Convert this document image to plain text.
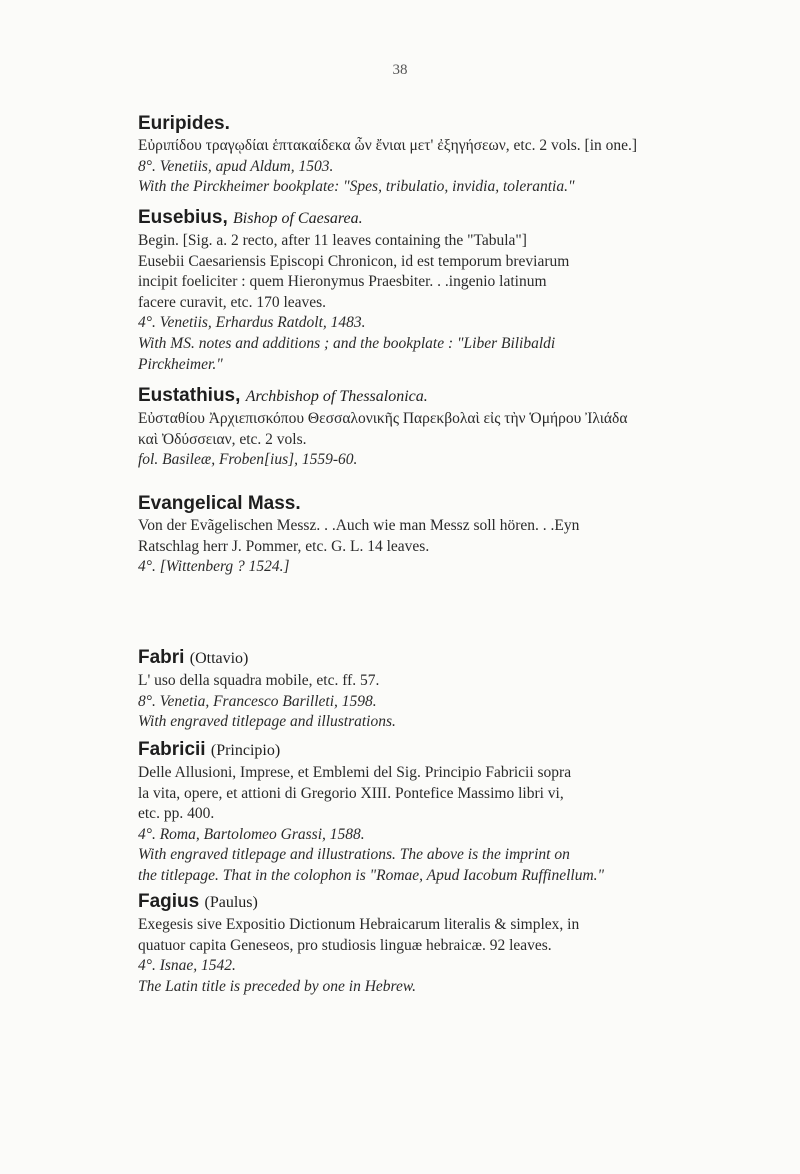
38
Euripides.
Εὐριπίδου τραγῳδίαι ἑπτακαίδεκα ὧν ἔνιαι μετ' ἐξηγήσεων, etc. 2 vols. [in one.]
8°. Venetiis, apud Aldum, 1503.
With the Pirckheimer bookplate: "Spes, tribulatio, invidia, tolerantia."
Eusebius, Bishop of Caesarea.
Begin. [Sig. a. 2 recto, after 11 leaves containing the "Tabula"]
Eusebii Caesariensis Episcopi Chronicon, id est temporum breviarum
incipit foeliciter : quem Hieronymus Praesbiter. . .ingenio latinum
facere curavit, etc. 170 leaves.
4°. Venetiis, Erhardus Ratdolt, 1483.
With MS. notes and additions ; and the bookplate : "Liber Bilibaldi
Pirckheimer."
Eustathius, Archbishop of Thessalonica.
Εὐσταθίου Ἀρχιεπισκόπου Θεσσαλονικῆς Παρεκβολαὶ εἰς τὴν Ὁμήρου Ἰλιάδα
καὶ Ὀδύσσειαν, etc. 2 vols.
fol. Basileæ, Froben[ius], 1559-60.
Evangelical Mass.
Von der Evãgelischen Messz. . .Auch wie man Messz soll hören. . .Eyn
Ratschlag herr J. Pommer, etc. G. L. 14 leaves.
4°. [Wittenberg ? 1524.]
Fabri (Ottavio)
L' uso della squadra mobile, etc. ff. 57.
8°. Venetia, Francesco Barilleti, 1598.
With engraved titlepage and illustrations.
Fabricii (Principio)
Delle Allusioni, Imprese, et Emblemi del Sig. Principio Fabricii sopra
la vita, opere, et attioni di Gregorio XIII. Pontefice Massimo libri vi,
etc. pp. 400.
4°. Roma, Bartolomeo Grassi, 1588.
With engraved titlepage and illustrations. The above is the imprint on
the titlepage. That in the colophon is "Romae, Apud Iacobum Ruffinellum."
Fagius (Paulus)
Exegesis sive Expositio Dictionum Hebraicarum literalis & simplex, in
quatuor capita Geneseos, pro studiosis linguæ hebraicæ. 92 leaves.
4°. Isnae, 1542.
The Latin title is preceded by one in Hebrew.
